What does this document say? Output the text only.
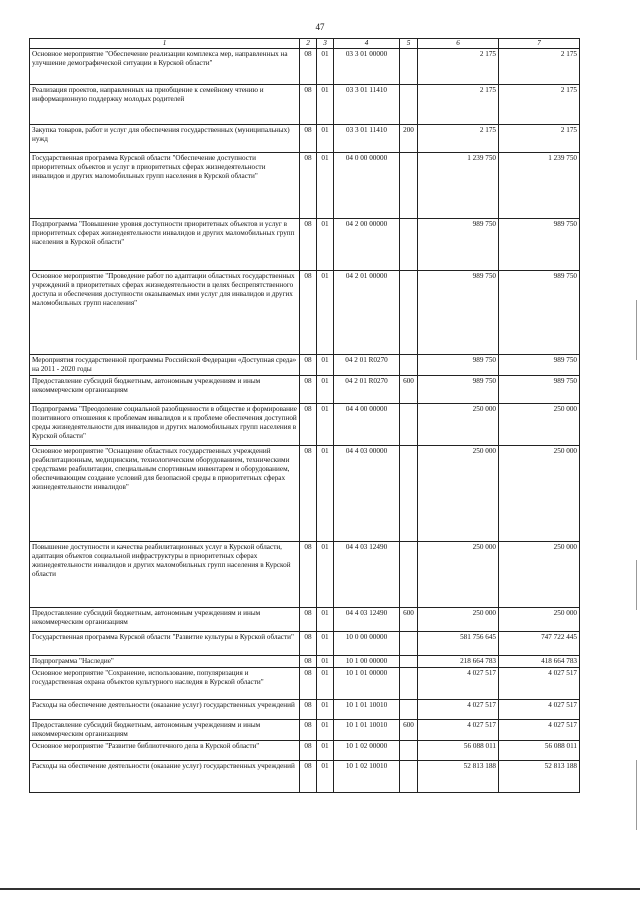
47
1	2	3	4	5	6	7
Основное мероприятие "Обеспечение реализации комплекса мер, направленных на улучшение демографической ситуации в Курской области"	08	01	03 3 01 00000		2 175	2 175
Реализация проектов, направленных на приобщение к семейному чтению и информационную поддержку молодых родителей	08	01	03 3 01 11410		2 175	2 175
Закупка товаров, работ и услуг для обеспечения государственных (муниципальных) нужд	08	01	03 3 01 11410	200	2 175	2 175
Государственная программа Курской области "Обеспечение доступности приоритетных объектов и услуг в приоритетных сферах жизнедеятельности инвалидов и других маломобильных групп населения в Курской области"	08	01	04 0 00 00000		1 239 750	1 239 750
Подпрограмма "Повышение уровня доступности приоритетных объектов и услуг в приоритетных сферах жизнедеятельности инвалидов и других маломобильных групп населения в Курской области"	08	01	04 2 00 00000		989 750	989 750
Основное мероприятие "Проведение работ по адаптации областных государственных учреждений в приоритетных сферах жизнедеятельности в целях беспрепятственного доступа и обеспечения доступности оказываемых ими услуг для инвалидов и других маломобильных групп населения"	08	01	04 2 01 00000		989 750	989 750
Мероприятия государственной программы Российской Федерации «Доступная среда» на 2011 - 2020 годы	08	01	04 2 01 R0270		989 750	989 750
Предоставление субсидий бюджетным, автономным учреждениям и иным некоммерческим организациям	08	01	04 2 01 R0270	600	989 750	989 750
Подпрограмма "Преодоление социальной разобщенности в обществе и формирование позитивного отношения к проблемам инвалидов и к проблеме обеспечения доступной среды жизнедеятельности для инвалидов и других маломобильных групп населения в Курской области"	08	01	04 4 00 00000		250 000	250 000
Основное мероприятие "Оснащение областных государственных учреждений реабилитационным, медицинским, технологическим оборудованием, техническими средствами реабилитации, специальным спортивным инвентарем и оборудованием, обеспечивающим создание условий для безопасной среды в приоритетных сферах жизнедеятельности инвалидов"	08	01	04 4 03 00000		250 000	250 000
Повышение доступности и качества реабилитационных услуг в Курской области, адаптация объектов социальной инфраструктуры в приоритетных сферах жизнедеятельности инвалидов и других маломобильных групп населения в Курской области	08	01	04 4 03 12490		250 000	250 000
Предоставление субсидий бюджетным, автономным учреждениям и иным некоммерческим организациям	08	01	04 4 03 12490	600	250 000	250 000
Государственная программа Курской области "Развитие культуры в Курской области"	08	01	10 0 00 00000		581 756 645	747 722 445
Подпрограмма "Наследие"	08	01	10 1 00 00000		218 664 783	418 664 783
Основное мероприятие "Сохранение, использование, популяризация и государственная охрана объектов культурного наследия в Курской области"	08	01	10 1 01 00000		4 027 517	4 027 517
Расходы на обеспечение деятельности (оказание услуг) государственных учреждений	08	01	10 1 01 10010		4 027 517	4 027 517
Предоставление субсидий бюджетным, автономным учреждениям и иным некоммерческим организациям	08	01	10 1 01 10010	600	4 027 517	4 027 517
Основное мероприятие "Развитие библиотечного дела в Курской области"	08	01	10 1 02 00000		56 088 011	56 088 011
Расходы на обеспечение деятельности (оказание услуг) государственных учреждений	08	01	10 1 02 10010		52 813 188	52 813 188
